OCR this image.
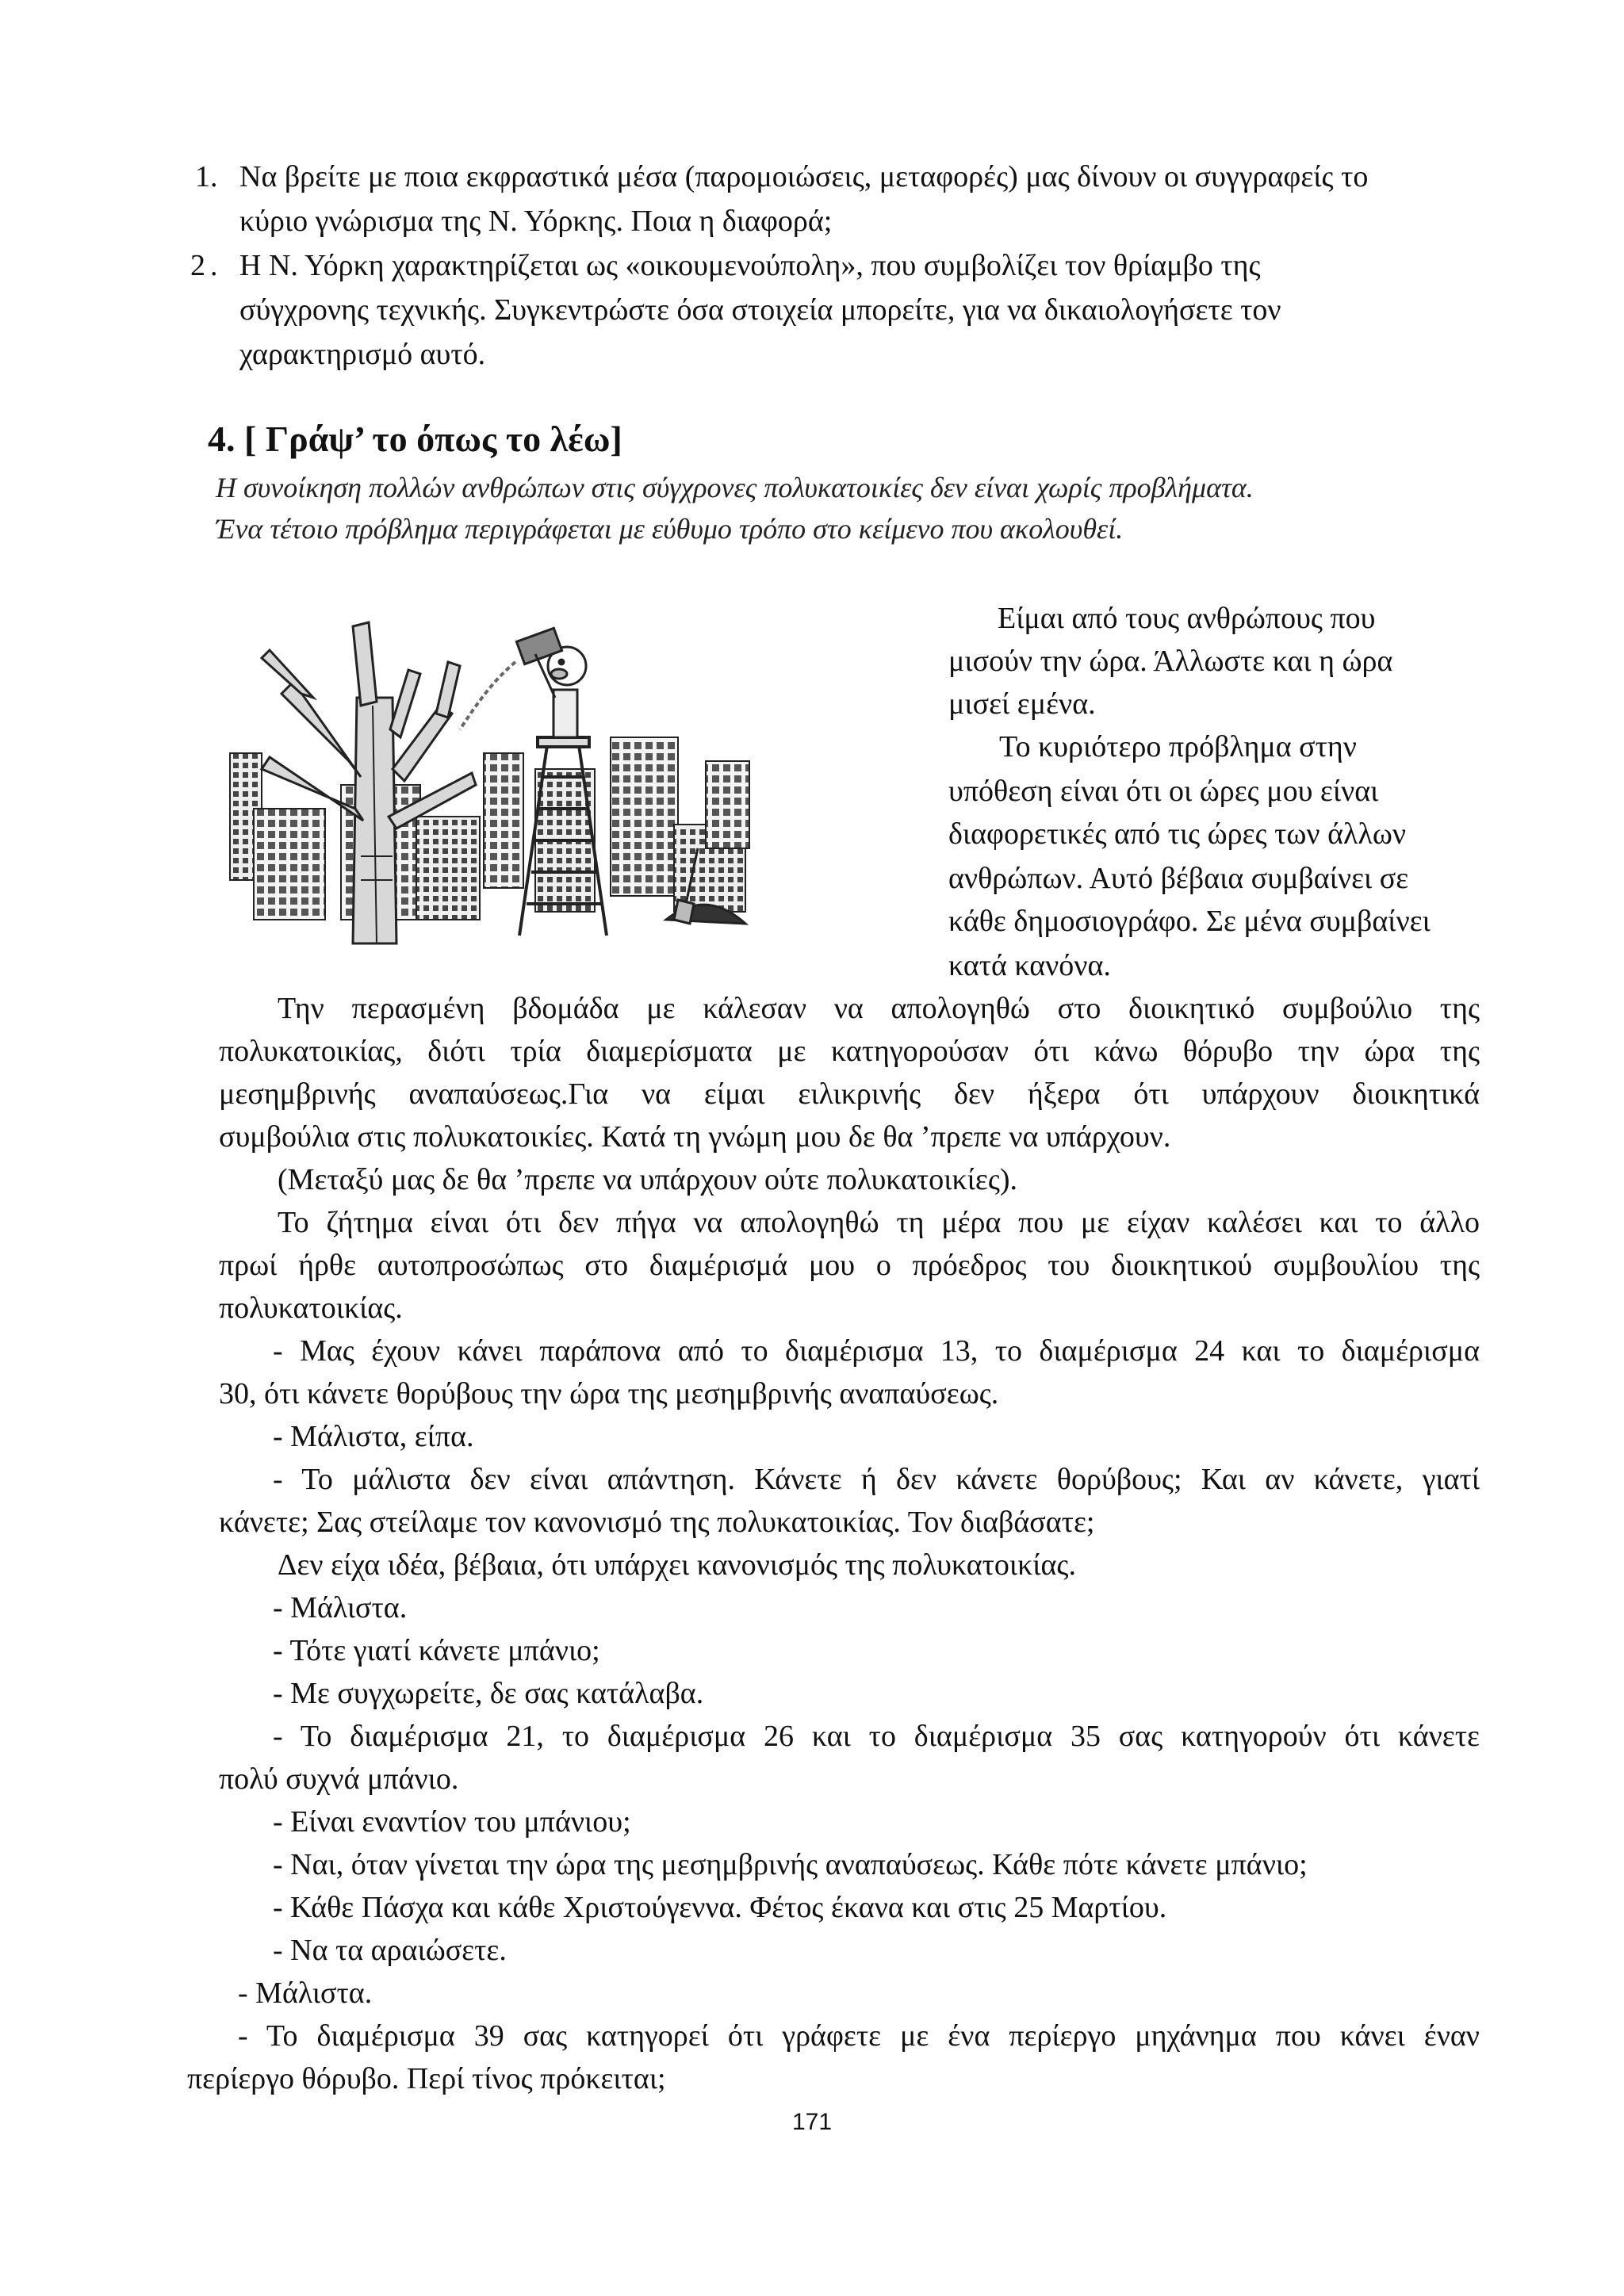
1. Να βρείτε με ποια εκφραστικά μέσα (παρομοιώσεις, μεταφορές) μας δίνουν οι συγγραφείς το
κύριο γνώρισμα της Ν. Υόρκης. Ποια η διαφορά;
2. Η Ν. Υόρκη χαρακτηρίζεται ως «οικουμενούπολη», που συμβολίζει τον θρίαμβο της
σύγχρονης τεχνικής. Συγκεντρώστε όσα στοιχεία μπορείτε, για να δικαιολογήσετε τον
χαρακτηρισμό αυτό.
4. [ Γράψ’ το όπως το λέω]
Η συνοίκηση πολλών ανθρώπων στις σύγχρονες πολυκατοικίες δεν είναι χωρίς προβλήματα.
Ένα τέτοιο πρόβλημα περιγράφεται με εύθυμο τρόπο στο κείμενο που ακολουθεί.
Είμαι από τους ανθρώπους που
μισούν την ώρα. Άλλωστε και η ώρα
μισεί εμένα.
Το κυριότερο πρόβλημα στην
υπόθεση είναι ότι οι ώρες μου είναι
διαφορετικές από τις ώρες των άλλων
ανθρώπων. Αυτό βέβαια συμβαίνει σε
κάθε δημοσιογράφο. Σε μένα συμβαίνει
κατά κανόνα.
Την περασμένη βδομάδα με κάλεσαν να απολογηθώ στο διοικητικό συμβούλιο της
πολυκατοικίας, διότι τρία διαμερίσματα με κατηγορούσαν ότι κάνω θόρυβο την ώρα της
μεσημβρινής αναπαύσεως.Για να είμαι ειλικρινής δεν ήξερα ότι υπάρχουν διοικητικά
συμβούλια στις πολυκατοικίες. Κατά τη γνώμη μου δε θα ’πρεπε να υπάρχουν.
(Μεταξύ μας δε θα ’πρεπε να υπάρχουν ούτε πολυκατοικίες).
Το ζήτημα είναι ότι δεν πήγα να απολογηθώ τη μέρα που με είχαν καλέσει και το άλλο
πρωί ήρθε αυτοπροσώπως στο διαμέρισμά μου ο πρόεδρος του διοικητικού συμβουλίου της
πολυκατοικίας.
- Μας έχουν κάνει παράπονα από το διαμέρισμα 13, το διαμέρισμα 24 και το διαμέρισμα
30, ότι κάνετε θορύβους την ώρα της μεσημβρινής αναπαύσεως.
- Μάλιστα, είπα.
- Το μάλιστα δεν είναι απάντηση. Κάνετε ή δεν κάνετε θορύβους; Και αν κάνετε, γιατί
κάνετε; Σας στείλαμε τον κανονισμό της πολυκατοικίας. Τον διαβάσατε;
Δεν είχα ιδέα, βέβαια, ότι υπάρχει κανονισμός της πολυκατοικίας.
- Μάλιστα.
- Τότε γιατί κάνετε μπάνιο;
- Με συγχωρείτε, δε σας κατάλαβα.
- Το διαμέρισμα 21, το διαμέρισμα 26 και το διαμέρισμα 35 σας κατηγορούν ότι κάνετε
πολύ συχνά μπάνιο.
- Είναι εναντίον του μπάνιου;
- Ναι, όταν γίνεται την ώρα της μεσημβρινής αναπαύσεως. Κάθε πότε κάνετε μπάνιο;
- Κάθε Πάσχα και κάθε Χριστούγεννα. Φέτος έκανα και στις 25 Μαρτίου.
- Να τα αραιώσετε.
- Μάλιστα.
- Το διαμέρισμα 39 σας κατηγορεί ότι γράφετε με ένα περίεργο μηχάνημα που κάνει έναν
περίεργο θόρυβο. Περί τίνος πρόκειται;
171
